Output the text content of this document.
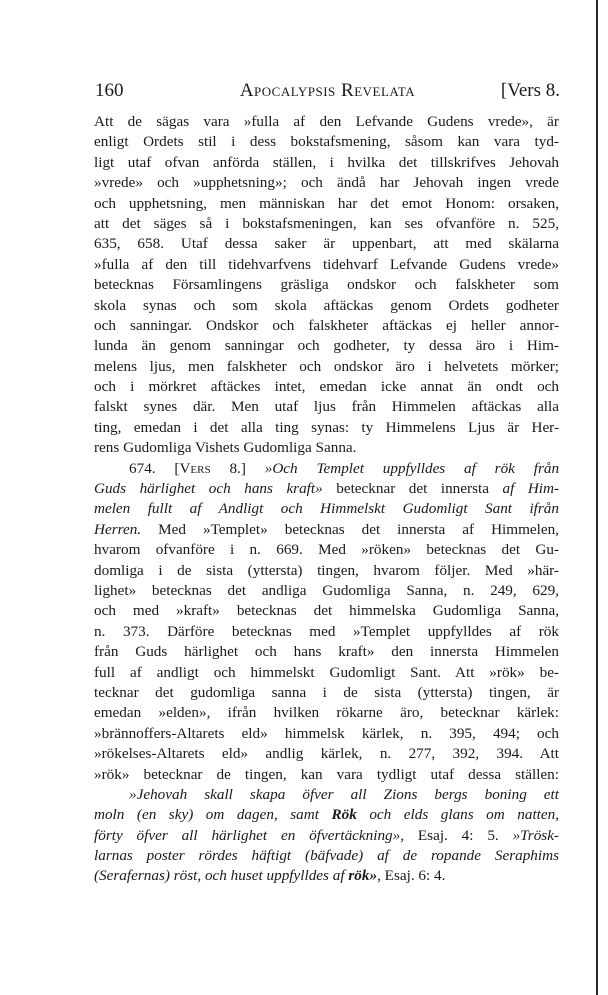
160	Apocalypsis Revelata	[Vers 8.
Att de sägas vara »fulla af den Lefvande Gudens vrede», är
enligt Ordets stil i dess bokstafsmening, såsom kan vara tyd-
ligt utaf ofvan anförda ställen, i hvilka det tillskrifves Jehovah
»vrede» och »upphetsning»; och ändå har Jehovah ingen vrede
och upphetsning, men människan har det emot Honom: orsaken,
att det säges så i bokstafsmeningen, kan ses ofvanföre n. 525,
635, 658. Utaf dessa saker är uppenbart, att med skälarna
»fulla af den till tidehvarfvens tidehvarf Lefvande Gudens vrede»
betecknas Församlingens gräsliga ondskor och falskheter som
skola synas och som skola aftäckas genom Ordets godheter
och sanningar. Ondskor och falskheter aftäckas ej heller annor-
lunda än genom sanningar och godheter, ty dessa äro i Him-
melens ljus, men falskheter och ondskor äro i helvetets mörker;
och i mörkret aftäckes intet, emedan icke annat än ondt och
falskt synes där. Men utaf ljus från Himmelen aftäckas alla
ting, emedan i det alla ting synas: ty Himmelens Ljus är Her-
rens Gudomliga Vishets Gudomliga Sanna.
674. [Vers 8.] »Och Templet uppfylldes af rök från
Guds härlighet och hans kraft» betecknar det innersta af Him-
melen fullt af Andligt och Himmelskt Gudomligt Sant ifrån
Herren. Med »Templet» betecknas det innersta af Himmelen,
hvarom ofvanföre i n. 669. Med »röken» betecknas det Gu-
domliga i de sista (yttersta) tingen, hvarom följer. Med »här-
lighet» betecknas det andliga Gudomliga Sanna, n. 249, 629,
och med »kraft» betecknas det himmelska Gudomliga Sanna,
n. 373. Därföre betecknas med »Templet uppfylldes af rök
från Guds härlighet och hans kraft» den innersta Himmelen
full af andligt och himmelskt Gudomligt Sant. Att »rök» be-
tecknar det gudomliga sanna i de sista (yttersta) tingen, är
emedan »elden», ifrån hvilken rökarne äro, betecknar kärlek:
»brännoffers-Altarets eld» himmelsk kärlek, n. 395, 494; och
»rökelses-Altarets eld» andlig kärlek, n. 277, 392, 394. Att
»rök» betecknar de tingen, kan vara tydligt utaf dessa ställen:
»Jehovah skall skapa öfver all Zions bergs boning ett
moln (en sky) om dagen, samt Rök och elds glans om natten,
förty öfver all härlighet en öfvertäckning», Esaj. 4: 5. »Trösk-
larnas poster rördes häftigt (bäfvade) af de ropande Seraphims
(Serafernas) röst, och huset uppfylldes af rök», Esaj. 6: 4.
